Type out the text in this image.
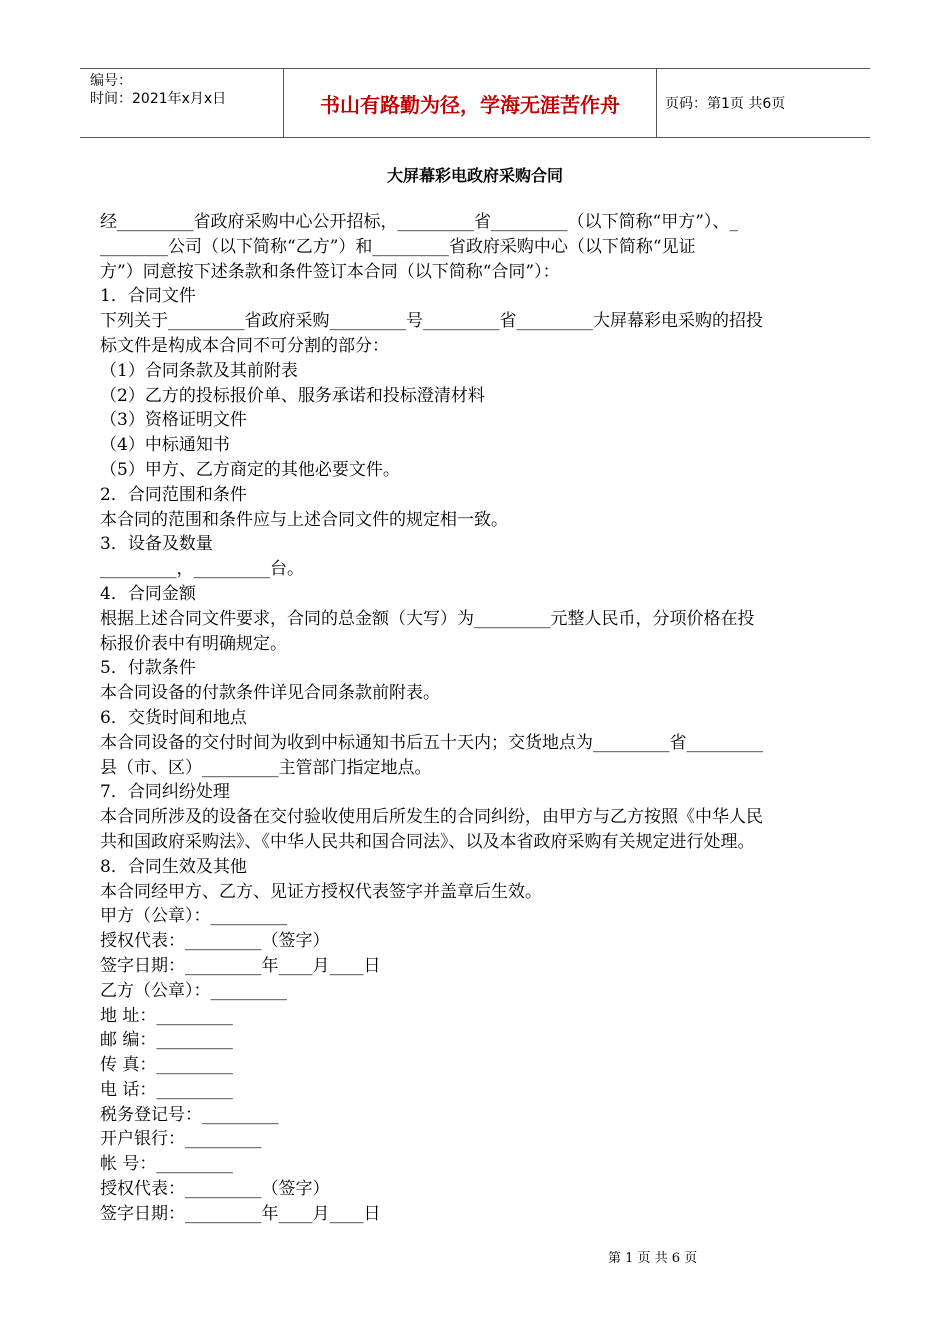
编号：
时间：2021年x月x日	书山有路勤为径，学海无涯苦作舟	页码：第1页 共6页
大屏幕彩电政府采购合同
经_________省政府采购中心公开招标，_________省_________（以下简称“甲方”）、_
________公司（以下简称“乙方”）和_________省政府采购中心（以下简称“见证
方”）同意按下述条款和条件签订本合同（以下简称“合同”）：
1．合同文件
下列关于_________省政府采购_________号_________省_________大屏幕彩电采购的招投
标文件是构成本合同不可分割的部分：
（1）合同条款及其前附表
（2）乙方的投标报价单、服务承诺和投标澄清材料
（3）资格证明文件
（4）中标通知书
（5）甲方、乙方商定的其他必要文件。
2．合同范围和条件
本合同的范围和条件应与上述合同文件的规定相一致。
3．设备及数量
_________，_________台。
4．合同金额
根据上述合同文件要求，合同的总金额（大写）为_________元整人民币，分项价格在投
标报价表中有明确规定。
5．付款条件
本合同设备的付款条件详见合同条款前附表。
6．交货时间和地点
本合同设备的交付时间为收到中标通知书后五十天内；交货地点为_________省_________
县（市、区）_________主管部门指定地点。
7．合同纠纷处理
本合同所涉及的设备在交付验收使用后所发生的合同纠纷，由甲方与乙方按照《中华人民
共和国政府采购法》、《中华人民共和国合同法》、以及本省政府采购有关规定进行处理。
8．合同生效及其他
本合同经甲方、乙方、见证方授权代表签字并盖章后生效。
甲方（公章）：_________
授权代表：_________（签字）
签字日期：_________年____月____日
乙方（公章）：_________
地 址：_________
邮 编：_________
传 真：_________
电 话：_________
税务登记号：_________
开户银行：_________
帐 号：_________
授权代表：_________（签字）
签字日期：_________年____月____日
第 1 页 共 6 页
